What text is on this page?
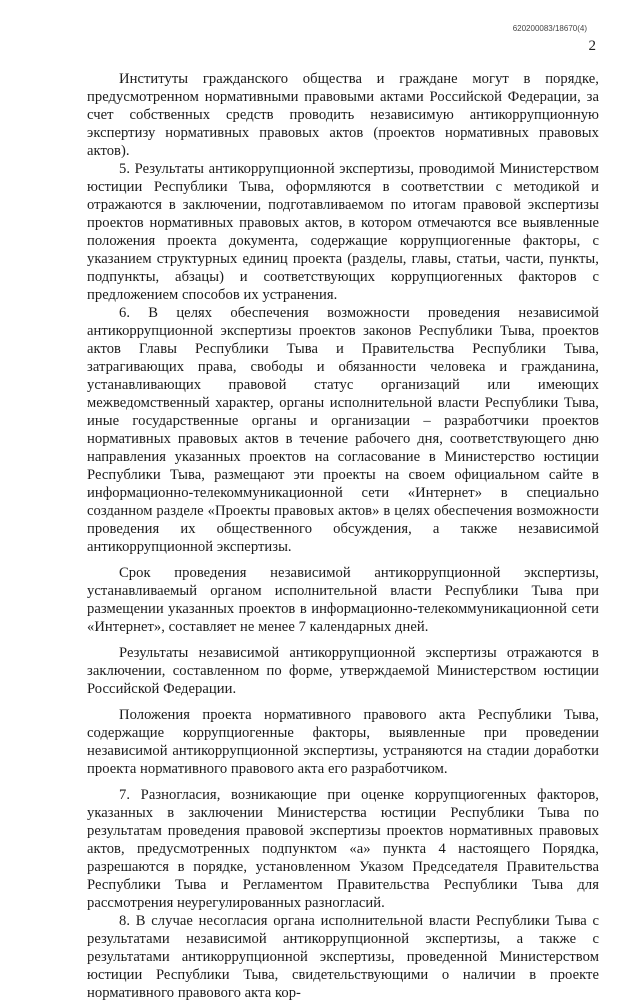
620200083/18670(4)
2

Институты гражданского общества и граждане могут в порядке, предусмотренном нормативными правовыми актами Российской Федерации, за счет собственных средств проводить независимую антикоррупционную экспертизу нормативных правовых актов (проектов нормативных правовых актов).

5. Результаты антикоррупционной экспертизы, проводимой Министерством юстиции Республики Тыва, оформляются в соответствии с методикой и отражаются в заключении, подготавливаемом по итогам правовой экспертизы проектов нормативных правовых актов, в котором отмечаются все выявленные положения проекта документа, содержащие коррупциогенные факторы, с указанием структурных единиц проекта (разделы, главы, статьи, части, пункты, подпункты, абзацы) и соответствующих коррупциогенных факторов с предложением способов их устранения.

6. В целях обеспечения возможности проведения независимой антикоррупционной экспертизы проектов законов Республики Тыва, проектов актов Главы Республики Тыва и Правительства Республики Тыва, затрагивающих права, свободы и обязанности человека и гражданина, устанавливающих правовой статус организаций или имеющих межведомственный характер, органы исполнительной власти Республики Тыва, иные государственные органы и организации – разработчики проектов нормативных правовых актов в течение рабочего дня, соответствующего дню направления указанных проектов на согласование в Министерство юстиции Республики Тыва, размещают эти проекты на своем официальном сайте в информационно-телекоммуникационной сети «Интернет» в специально созданном разделе «Проекты правовых актов» в целях обеспечения возможности проведения их общественного обсуждения, а также независимой антикоррупционной экспертизы.

Срок проведения независимой антикоррупционной экспертизы, устанавливаемый органом исполнительной власти Республики Тыва при размещении указанных проектов в информационно-телекоммуникационной сети «Интернет», составляет не менее 7 календарных дней.

Результаты независимой антикоррупционной экспертизы отражаются в заключении, составленном по форме, утверждаемой Министерством юстиции Российской Федерации.

Положения проекта нормативного правового акта Республики Тыва, содержащие коррупциогенные факторы, выявленные при проведении независимой антикоррупционной экспертизы, устраняются на стадии доработки проекта нормативного правового акта его разработчиком.

7. Разногласия, возникающие при оценке коррупциогенных факторов, указанных в заключении Министерства юстиции Республики Тыва по результатам проведения правовой экспертизы проектов нормативных правовых актов, предусмотренных подпунктом «а» пункта 4 настоящего Порядка, разрешаются в порядке, установленном Указом Председателя Правительства Республики Тыва и Регламентом Правительства Республики Тыва для рассмотрения неурегулированных разногласий.

8. В случае несогласия органа исполнительной власти Республики Тыва с результатами независимой антикоррупционной экспертизы, а также с результатами антикоррупционной экспертизы, проведенной Министерством юстиции Республики Тыва, свидетельствующими о наличии в проекте нормативного правового акта кор-
